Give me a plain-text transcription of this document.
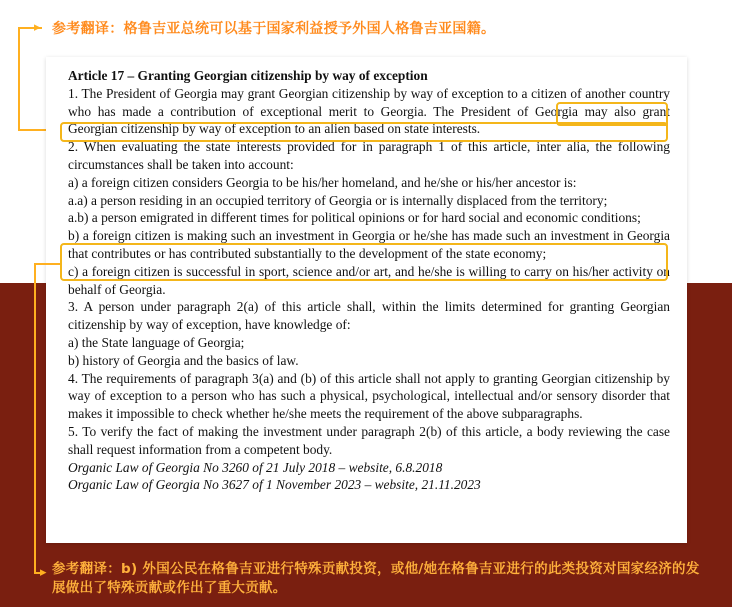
▸ 参考翻译：格鲁吉亚总统可以基于国家利益授予外国人格鲁吉亚国籍。

Article 17 – Granting Georgian citizenship by way of exception

1. The President of Georgia may grant Georgian citizenship by way of exception to a citizen of another country who has made a contribution of exceptional merit to Georgia. The President of Georgia may also grant Georgian citizenship by way of exception to an alien based on state interests.

2. When evaluating the state interests provided for in paragraph 1 of this article, inter alia, the following circumstances shall be taken into account:

a) a foreign citizen considers Georgia to be his/her homeland, and he/she or his/her ancestor is:

a.a) a person residing in an occupied territory of Georgia or is internally displaced from the territory;

a.b) a person emigrated in different times for political opinions or for hard social and economic conditions;

b) a foreign citizen is making such an investment in Georgia or he/she has made such an investment in Georgia that contributes or has contributed substantially to the development of the state economy;

c) a foreign citizen is successful in sport, science and/or art, and he/she is willing to carry on his/her activity on behalf of Georgia.

3. A person under paragraph 2(a) of this article shall, within the limits determined for granting Georgian citizenship by way of exception, have knowledge of:

a) the State language of Georgia;

b) history of Georgia and the basics of law.

4. The requirements of paragraph 3(a) and (b) of this article shall not apply to granting Georgian citizenship by way of exception to a person who has such a physical, psychological, intellectual and/or sensory disorder that makes it impossible to check whether he/she meets the requirement of the above subparagraphs.

5. To verify the fact of making the investment under paragraph 2(b) of this article, a body reviewing the case shall request information from a competent body.

Organic Law of Georgia No 3260 of 21 July 2018 – website, 6.8.2018

Organic Law of Georgia No 3627 of 1 November 2023 – website, 21.11.2023

▸ 参考翻译：b) 外国公民在格鲁吉亚进行特殊贡献投资，或他/她在格鲁吉亚进行的此类投资对国家经济的发展做出了特殊贡献或作出了重大贡献。
